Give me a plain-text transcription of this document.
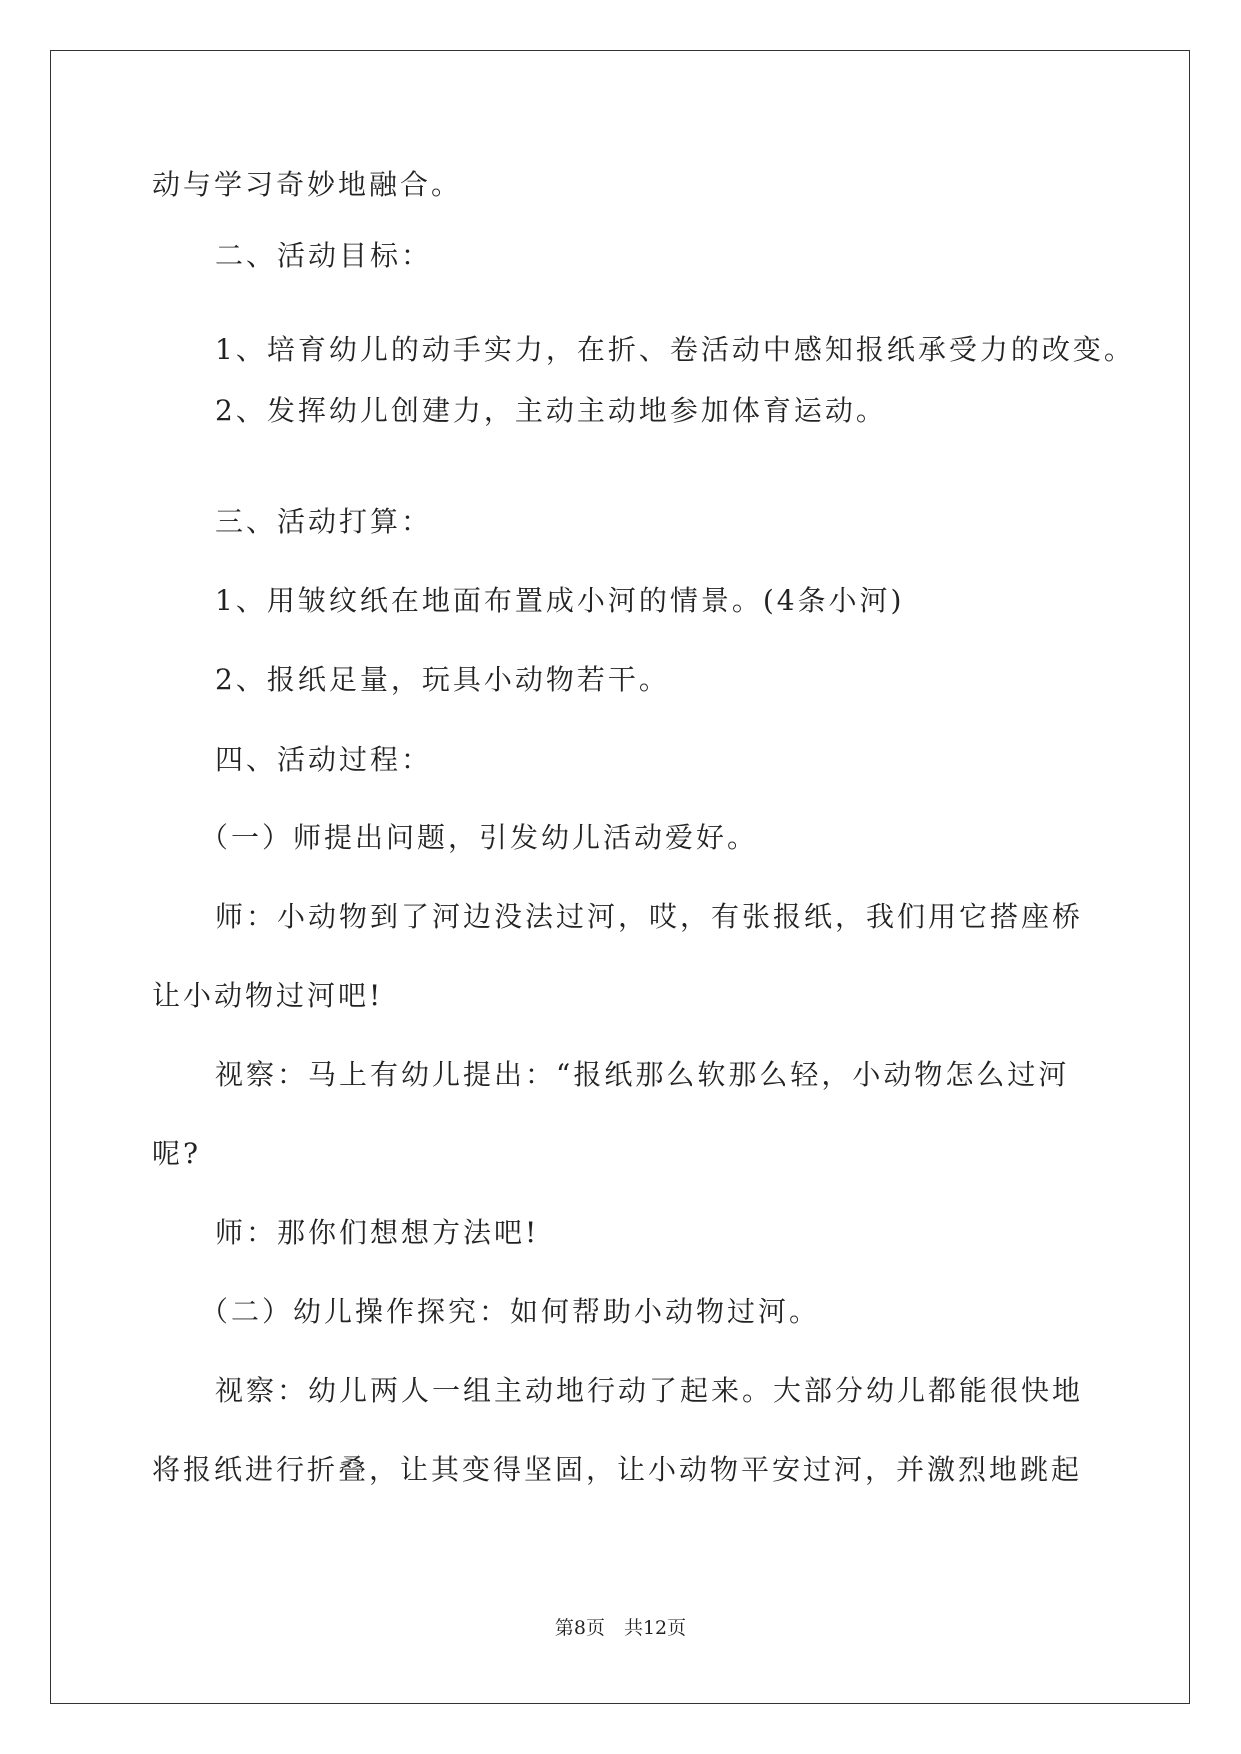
动与学习奇妙地融合。
二、活动目标：
1、培育幼儿的动手实力，在折、卷活动中感知报纸承受力的改变。
2、发挥幼儿创建力，主动主动地参加体育运动。
三、活动打算：
1、用皱纹纸在地面布置成小河的情景。(4条小河)
2、报纸足量，玩具小动物若干。
四、活动过程：
（一）师提出问题，引发幼儿活动爱好。
师：小动物到了河边没法过河，哎，有张报纸，我们用它搭座桥
让小动物过河吧!
视察：马上有幼儿提出：“报纸那么软那么轻，小动物怎么过河
呢?
师：那你们想想方法吧!
（二）幼儿操作探究：如何帮助小动物过河。
视察：幼儿两人一组主动地行动了起来。大部分幼儿都能很快地
将报纸进行折叠，让其变得坚固，让小动物平安过河，并激烈地跳起
第8页　共12页
